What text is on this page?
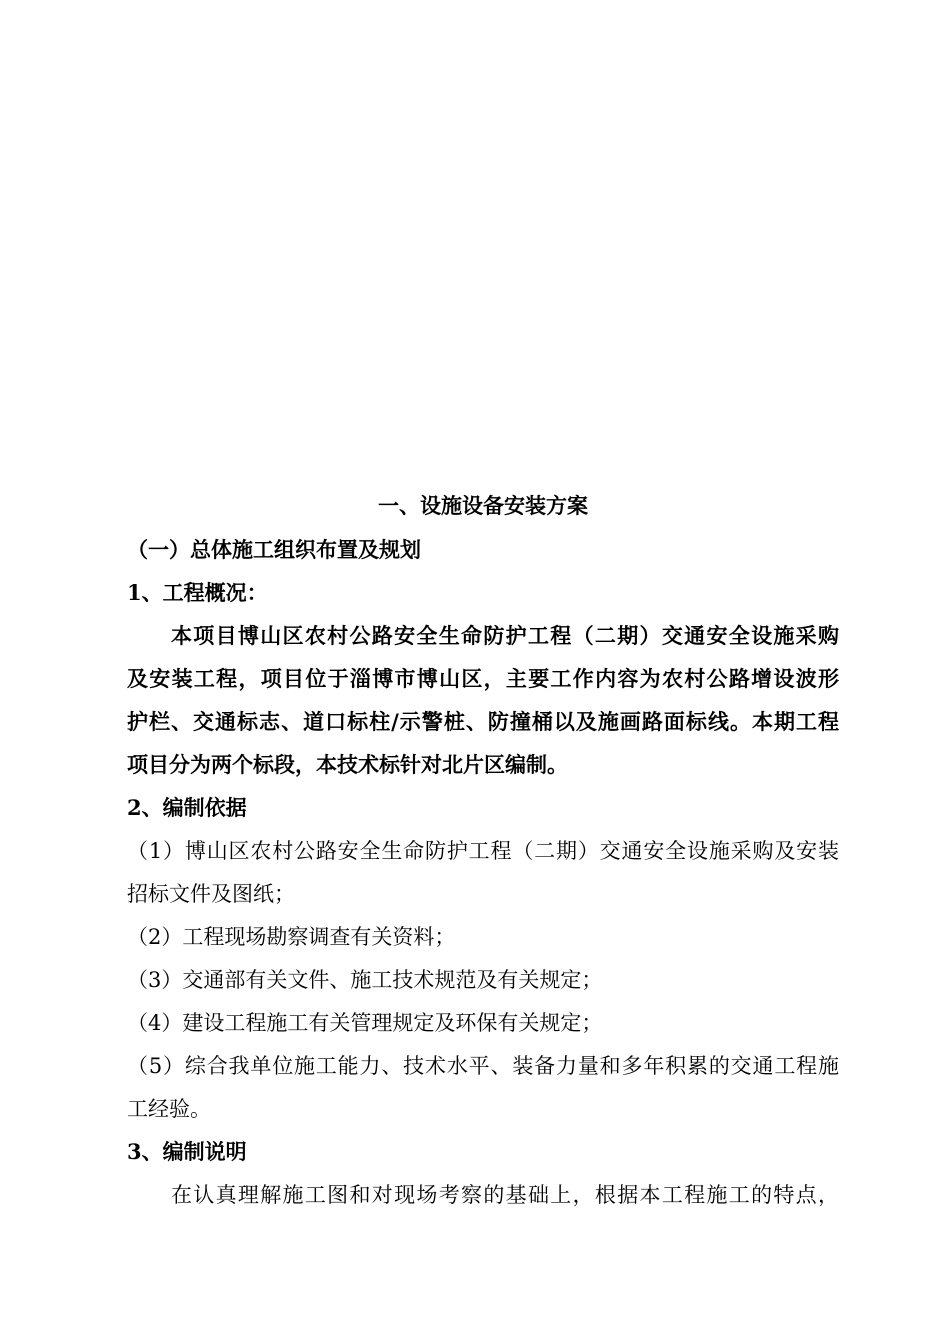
一、设施设备安装方案
（一）总体施工组织布置及规划
1、工程概况：
本项目博山区农村公路安全生命防护工程（二期）交通安全设施采购
及安装工程，项目位于淄博市博山区，主要工作内容为农村公路增设波形
护栏、交通标志、道口标柱/示警桩、防撞桶以及施画路面标线。本期工程
项目分为两个标段，本技术标针对北片区编制。
2、编制依据
（1）博山区农村公路安全生命防护工程（二期）交通安全设施采购及安装
招标文件及图纸；
（2）工程现场勘察调查有关资料；
（3）交通部有关文件、施工技术规范及有关规定；
（4）建设工程施工有关管理规定及环保有关规定；
（5）综合我单位施工能力、技术水平、装备力量和多年积累的交通工程施
工经验。
3、编制说明
在认真理解施工图和对现场考察的基础上，根据本工程施工的特点，
